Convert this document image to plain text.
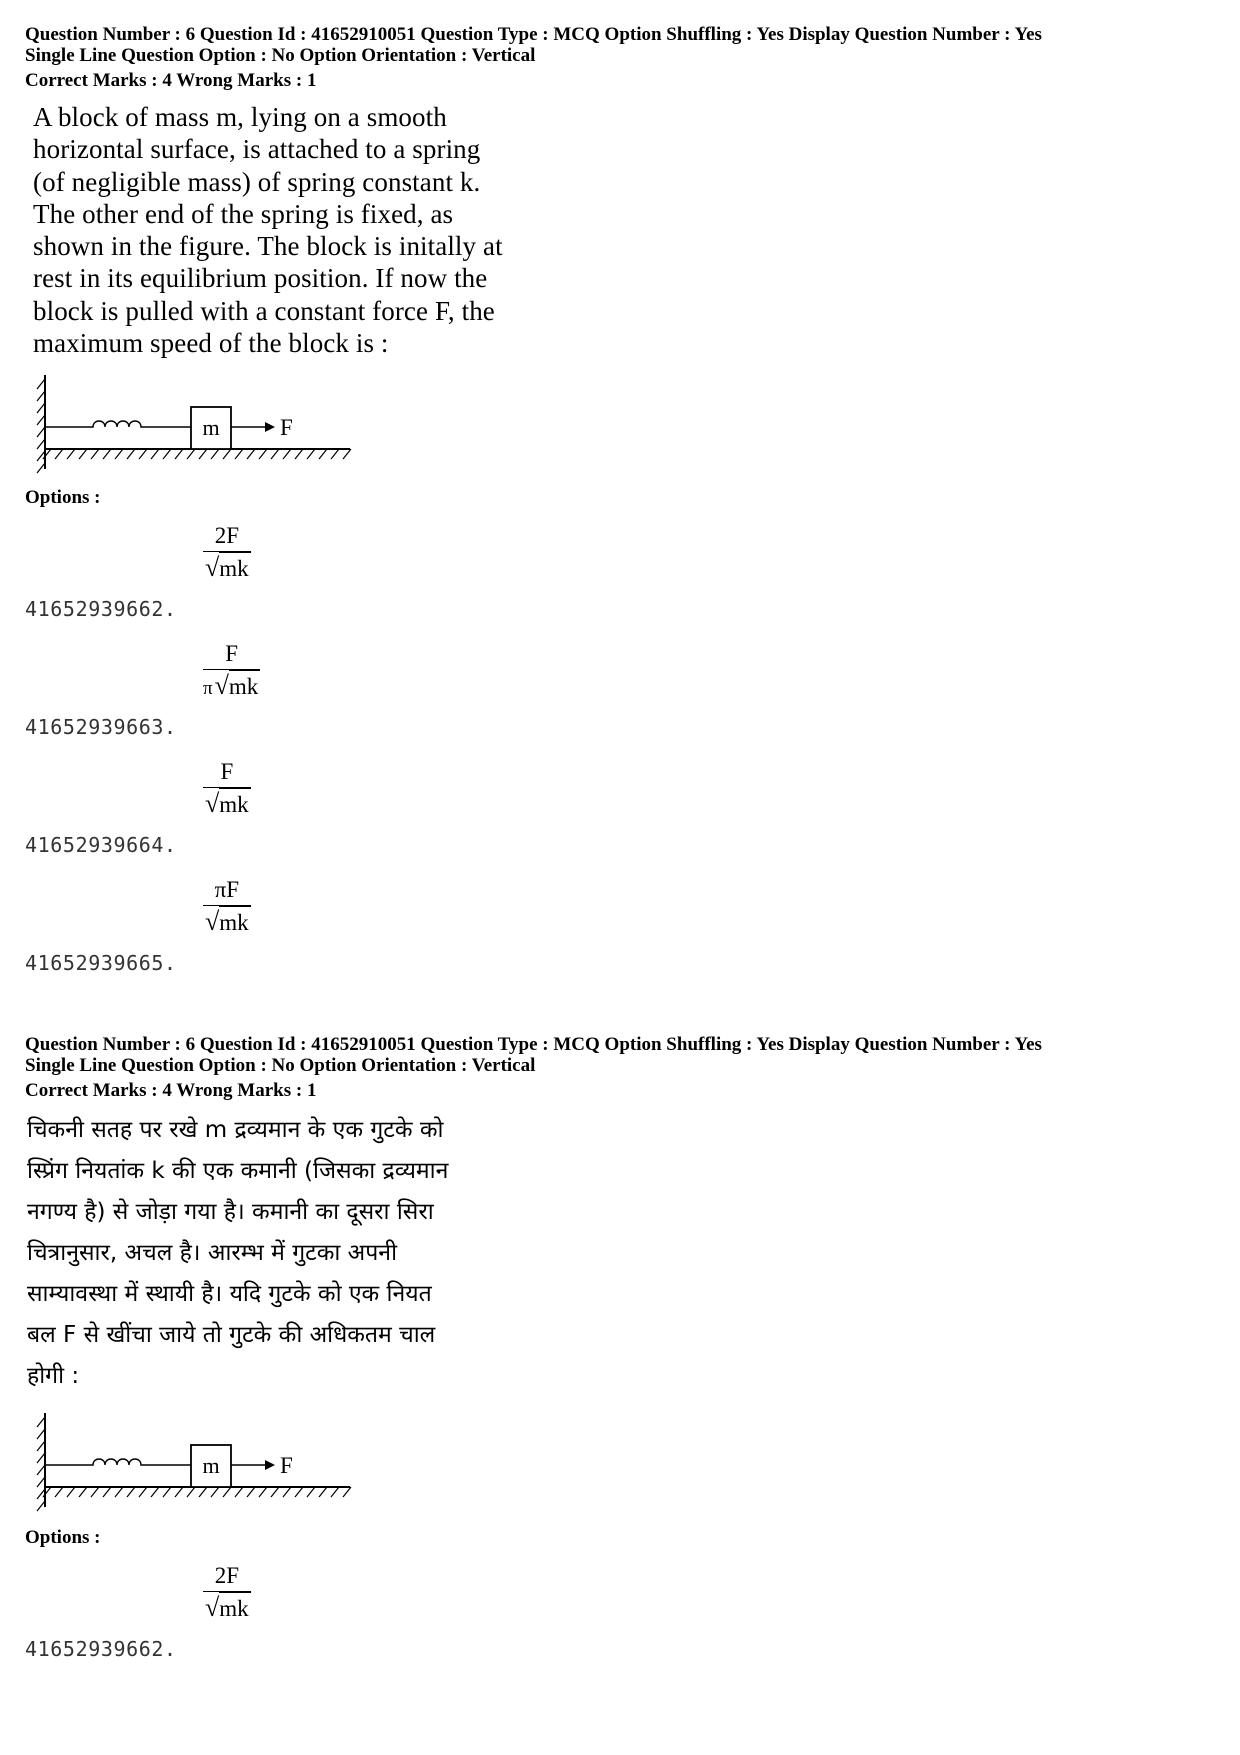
Question Number : 6 Question Id : 41652910051 Question Type : MCQ Option Shuffling : Yes Display Question Number : Yes
Single Line Question Option : No Option Orientation : Vertical
Correct Marks : 4 Wrong Marks : 1
A block of mass m, lying on a smooth
horizontal surface, is attached to a spring
(of negligible mass) of spring constant k.
The other end of the spring is fixed, as
shown in the figure. The block is initally at
rest in its equilibrium position. If now the
block is pulled with a constant force F, the
maximum speed of the block is :
m	F
Options :
41652939662.
2F
√ mk
41652939663.
F
π √ mk
41652939664.
F
√ mk
41652939665.
πF
√ mk
Question Number : 6 Question Id : 41652910051 Question Type : MCQ Option Shuffling : Yes Display Question Number : Yes
Single Line Question Option : No Option Orientation : Vertical
Correct Marks : 4 Wrong Marks : 1
चिकनी सतह पर रखे m द्रव्यमान के एक गुटके को
स्प्रिंग नियतांक k की एक कमानी (जिसका द्रव्यमान
नगण्य है) से जोड़ा गया है। कमानी का दूसरा सिरा
चित्रानुसार, अचल है। आरम्भ में गुटका अपनी
साम्यावस्था में स्थायी है। यदि गुटके को एक नियत
बल F से खींचा जाये तो गुटके की अधिकतम चाल
होगी :
m	F
Options :
41652939662.
2F
√ mk
